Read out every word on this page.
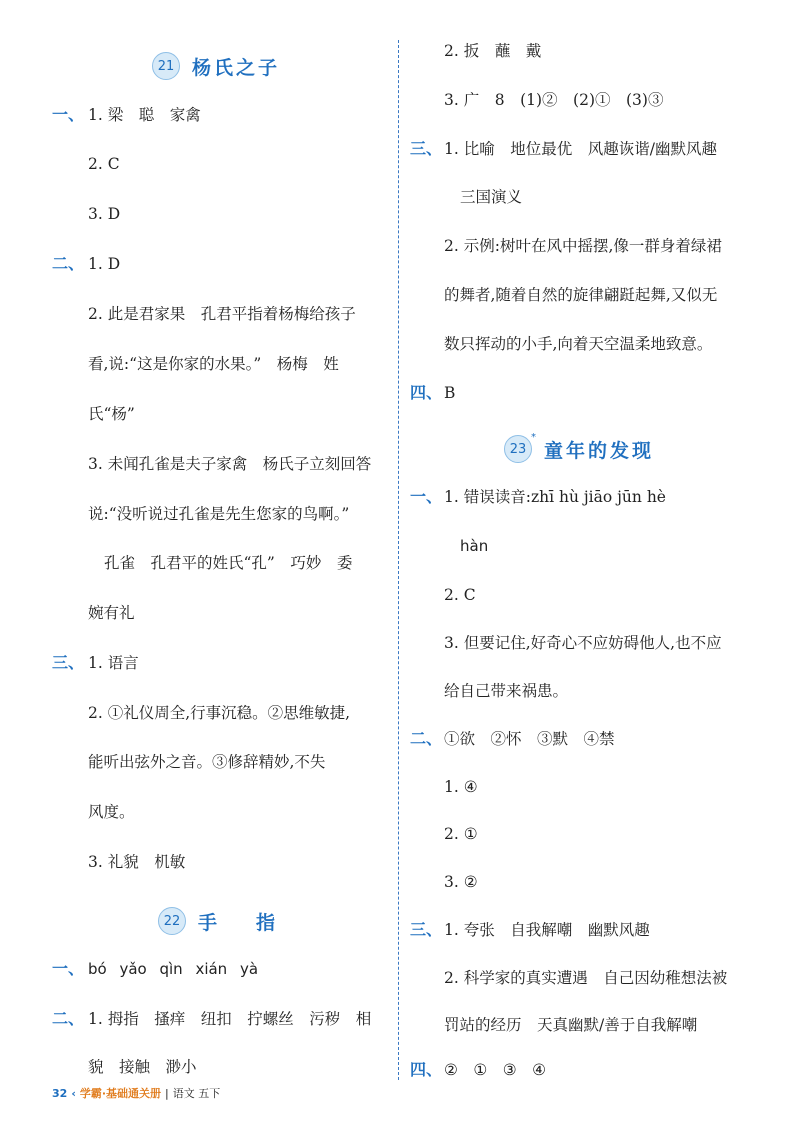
21 杨氏之子
一、 1. 梁　聪　家禽
2. C
3. D
二、 1. D
2. 此是君家果　孔君平指着杨梅给孩子
看,说:“这是你家的水果。”　杨梅　姓
氏“杨”
3. 未闻孔雀是夫子家禽　杨氏子立刻回答
说:“没听说过孔雀是先生您家的鸟啊。”
孔雀　孔君平的姓氏“孔”　巧妙　委
婉有礼
三、 1. 语言
2. ①礼仪周全,行事沉稳。②思维敏捷,
能听出弦外之音。③修辞精妙,不失
风度。
3. 礼貌　机敏
22 手　指
一、 bó yǎo qìn xián yà
二、 1. 拇指　搔痒　纽扣　拧螺丝　污秽　相
貌　接触　渺小
2. 扳　蘸　戴
3. 广　8　(1)②　(2)①　(3)③
三、 1. 比喻　地位最优　风趣诙谐/幽默风趣
三国演义
2. 示例:树叶在风中摇摆,像一群身着绿裙
的舞者,随着自然的旋律翩跹起舞,又似无
数只挥动的小手,向着天空温柔地致意。
四、 B
23
*
童年的发现
一、 1. 错误读音:zhī hù jiāo jūn hè
hàn
2. C
3. 但要记住,好奇心不应妨碍他人,也不应
给自己带来祸患。
二、 ①欲　②怀　③默　④禁
1. ④
2. ①
3. ②
三、 1. 夸张　自我解嘲　幽默风趣
2. 科学家的真实遭遇　自己因幼稚想法被
罚站的经历　天真幽默/善于自我解嘲
四、 ②　①　③　④
32 ‹ 学霸·基础通关册 | 语文 五下
